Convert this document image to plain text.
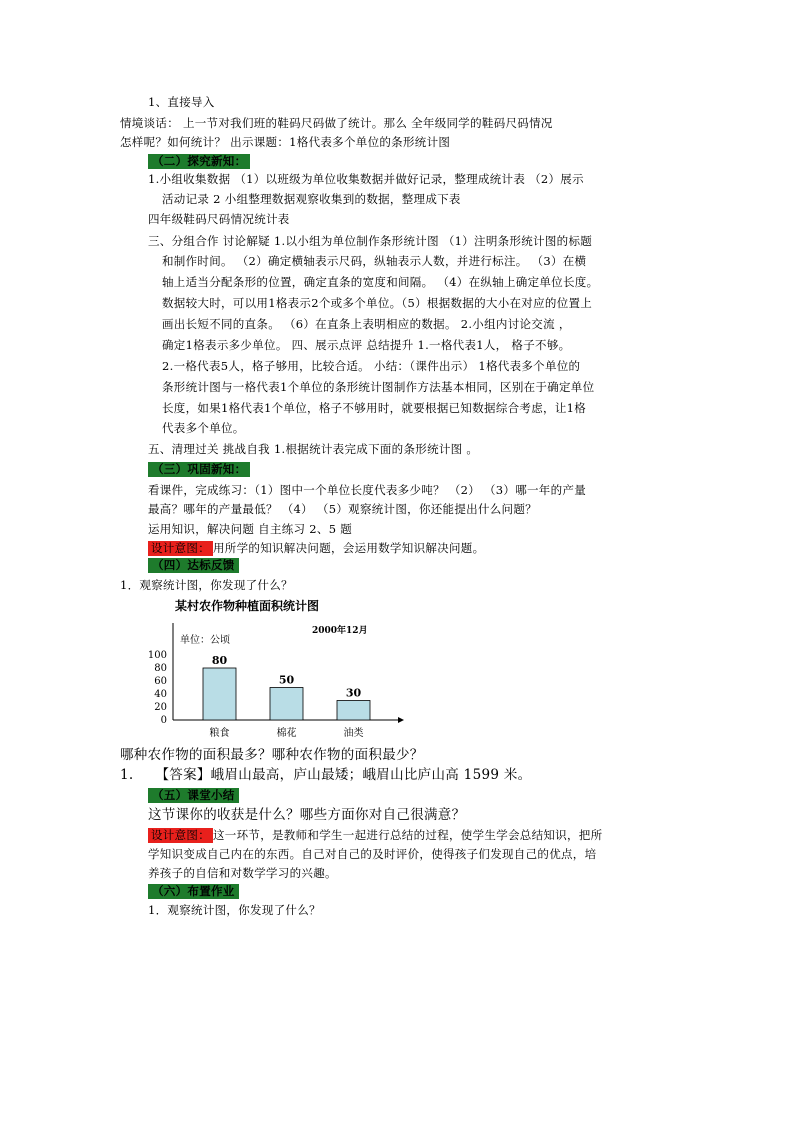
1、直接导入
情境谈话： 上一节对我们班的鞋码尺码做了统计。那么 全年级同学的鞋码尺码情况
怎样呢？如何统计？ 出示课题：1格代表多个单位的条形统计图
（二）探究新知：
1.小组收集数据 （1）以班级为单位收集数据并做好记录，整理成统计表 （2）展示
活动记录 2 小组整理数据观察收集到的数据，整理成下表
四年级鞋码尺码情况统计表
三、分组合作 讨论解疑 1.以小组为单位制作条形统计图 （1）注明条形统计图的标题
和制作时间。 （2）确定横轴表示尺码，纵轴表示人数，并进行标注。 （3）在横
轴上适当分配条形的位置，确定直条的宽度和间隔。 （4）在纵轴上确定单位长度。
数据较大时，可以用1格表示2个或多个单位。（5）根据数据的大小在对应的位置上
画出长短不同的直条。 （6）在直条上表明相应的数据。 2.小组内讨论交流 ，
确定1格表示多少单位。 四、展示点评 总结提升 1.一格代表1人， 格子不够。
2.一格代表5人，格子够用，比较合适。 小结：（课件出示） 1格代表多个单位的
条形统计图与一格代表1个单位的条形统计图制作方法基本相同，区别在于确定单位
长度，如果1格代表1个单位，格子不够用时，就要根据已知数据综合考虑，让1格
代表多个单位。
五、清理过关 挑战自我 1.根据统计表完成下面的条形统计图 。
（三）巩固新知：
看课件，完成练习：（1）图中一个单位长度代表多少吨？ （2） （3）哪一年的产量
最高？哪年的产量最低？ （4） （5）观察统计图，你还能提出什么问题？
运用知识，解决问题 自主练习 2、5 题
设计意图： 用所学的知识解决问题，会运用数学知识解决问题。
（四）达标反馈
1．观察统计图，你发现了什么？
某村农作物种植面积统计图
2000年12月
单位：公顷
0
20
40
60
80
100	80
粮食
50
棉花
30
油类
哪种农作物的面积最多？哪种农作物的面积最少？
1. 【答案】峨眉山最高，庐山最矮；峨眉山比庐山高 1599 米。
（五）课堂小结
这节课你的收获是什么？哪些方面你对自己很满意？
设计意图： 这一环节，是教师和学生一起进行总结的过程，使学生学会总结知识，把所
学知识变成自己内在的东西。自己对自己的及时评价，使得孩子们发现自己的优点，培
养孩子的自信和对数学学习的兴趣。
（六）布置作业
1．观察统计图，你发现了什么？
